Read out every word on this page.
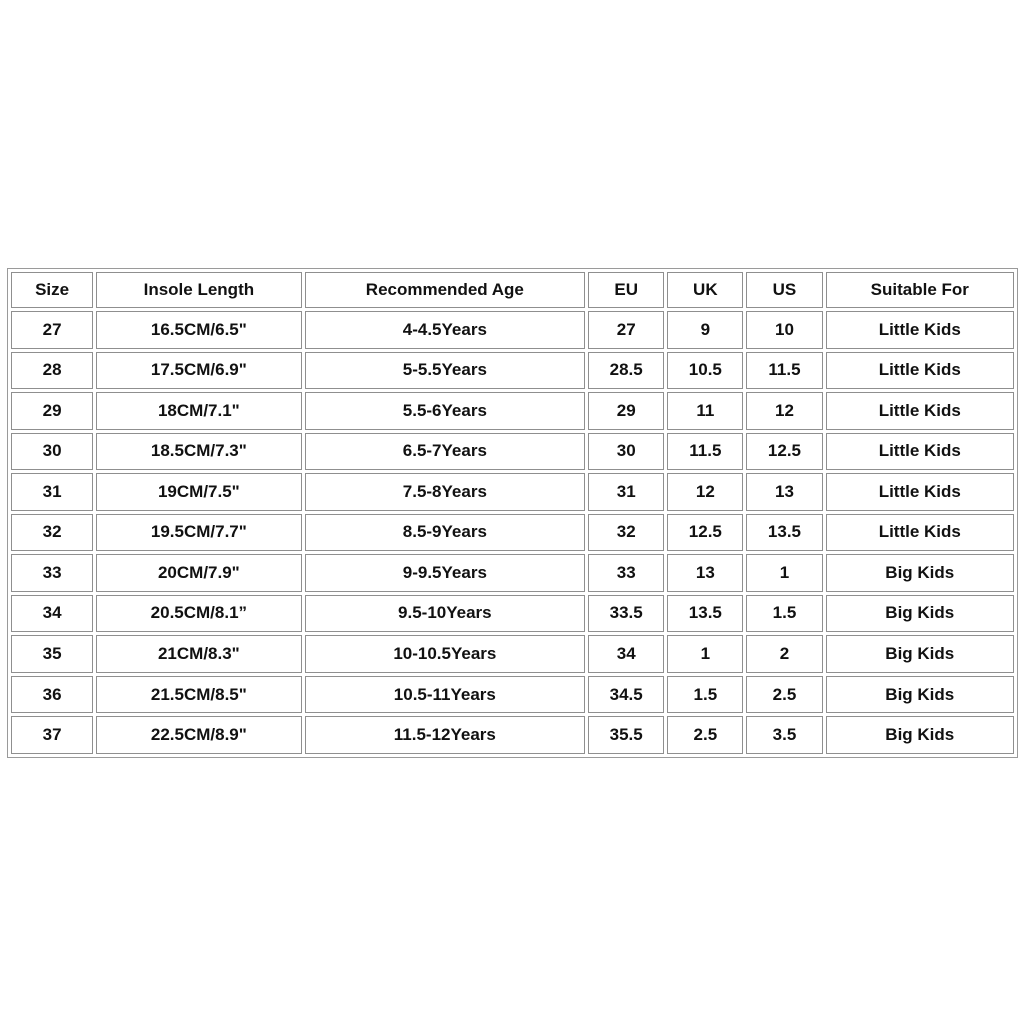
Size	Insole Length	Recommended Age	EU	UK	US	Suitable For
27	16.5CM/6.5"	4-4.5Years	27	9	10	Little Kids
28	17.5CM/6.9"	5-5.5Years	28.5	10.5	11.5	Little Kids
29	18CM/7.1"	5.5-6Years	29	11	12	Little Kids
30	18.5CM/7.3"	6.5-7Years	30	11.5	12.5	Little Kids
31	19CM/7.5"	7.5-8Years	31	12	13	Little Kids
32	19.5CM/7.7"	8.5-9Years	32	12.5	13.5	Little Kids
33	20CM/7.9"	9-9.5Years	33	13	1	Big Kids
34	20.5CM/8.1”	9.5-10Years	33.5	13.5	1.5	Big Kids
35	21CM/8.3"	10-10.5Years	34	1	2	Big Kids
36	21.5CM/8.5"	10.5-11Years	34.5	1.5	2.5	Big Kids
37	22.5CM/8.9"	11.5-12Years	35.5	2.5	3.5	Big Kids
